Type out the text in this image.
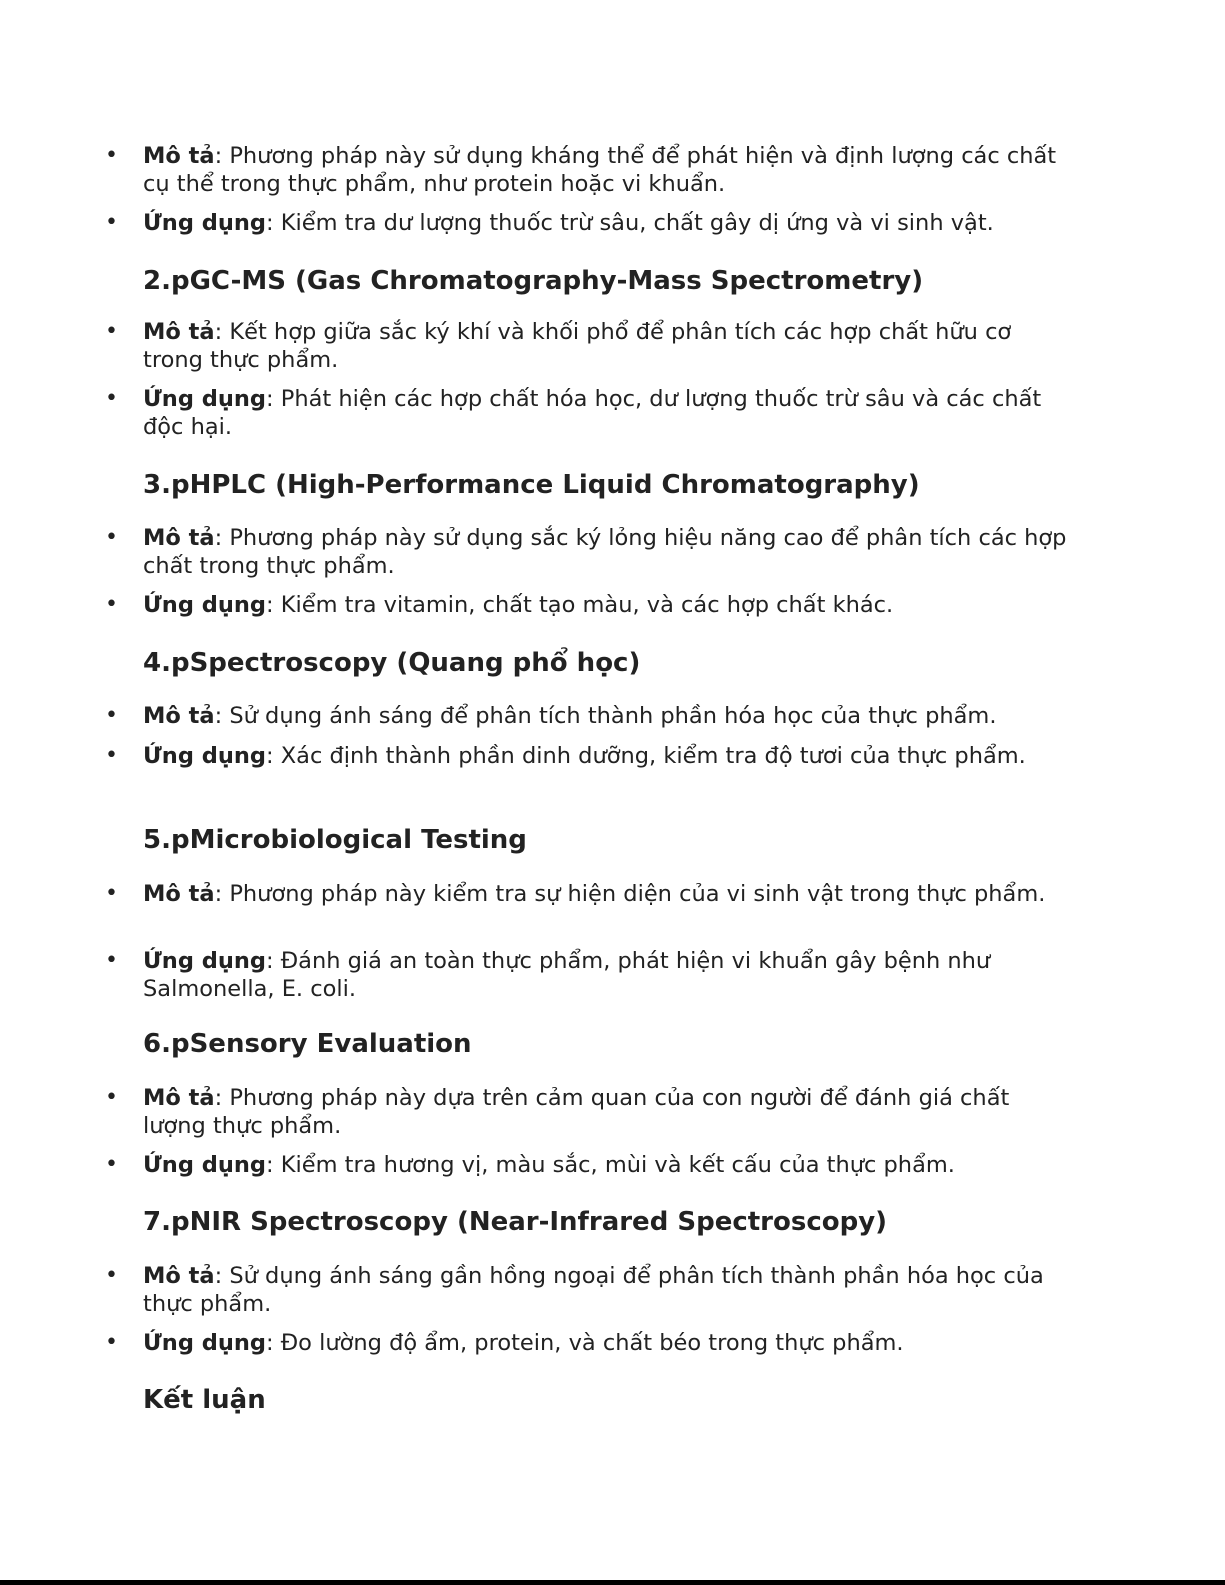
• Mô tả: Phương pháp này sử dụng kháng thể để phát hiện và định lượng các chất cụ thể trong thực phẩm, như protein hoặc vi khuẩn.
• Ứng dụng: Kiểm tra dư lượng thuốc trừ sâu, chất gây dị ứng và vi sinh vật.
2.pGC-MS (Gas Chromatography-Mass Spectrometry)
• Mô tả: Kết hợp giữa sắc ký khí và khối phổ để phân tích các hợp chất hữu cơ trong thực phẩm.
• Ứng dụng: Phát hiện các hợp chất hóa học, dư lượng thuốc trừ sâu và các chất độc hại.
3.pHPLC (High-Performance Liquid Chromatography)
• Mô tả: Phương pháp này sử dụng sắc ký lỏng hiệu năng cao để phân tích các hợp chất trong thực phẩm.
• Ứng dụng: Kiểm tra vitamin, chất tạo màu, và các hợp chất khác.
4.pSpectroscopy (Quang phổ học)
• Mô tả: Sử dụng ánh sáng để phân tích thành phần hóa học của thực phẩm.
• Ứng dụng: Xác định thành phần dinh dưỡng, kiểm tra độ tươi của thực phẩm.
5.pMicrobiological Testing
• Mô tả: Phương pháp này kiểm tra sự hiện diện của vi sinh vật trong thực phẩm.
• Ứng dụng: Đánh giá an toàn thực phẩm, phát hiện vi khuẩn gây bệnh như Salmonella, E. coli.
6.pSensory Evaluation
• Mô tả: Phương pháp này dựa trên cảm quan của con người để đánh giá chất lượng thực phẩm.
• Ứng dụng: Kiểm tra hương vị, màu sắc, mùi và kết cấu của thực phẩm.
7.pNIR Spectroscopy (Near-Infrared Spectroscopy)
• Mô tả: Sử dụng ánh sáng gần hồng ngoại để phân tích thành phần hóa học của thực phẩm.
• Ứng dụng: Đo lường độ ẩm, protein, và chất béo trong thực phẩm.
Kết luận
